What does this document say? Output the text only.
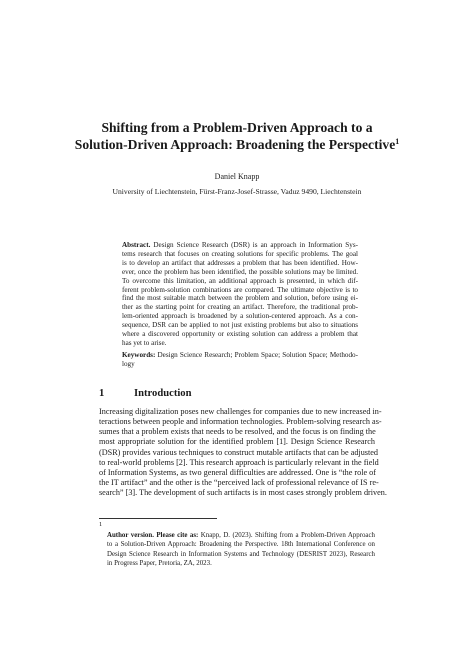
Shifting from a Problem-Driven Approach to a
Solution-Driven Approach: Broadening the Perspective$^1$
Daniel Knapp
University of Liechtenstein, Fürst-Franz-Josef-Strasse, Vaduz 9490, Liechtenstein
Abstract. Design Science Research (DSR) is an approach in Information Sys-
tems research that focuses on creating solutions for specific problems. The goal
is to develop an artifact that addresses a problem that has been identified. How-
ever, once the problem has been identified, the possible solutions may be limited.
To overcome this limitation, an additional approach is presented, in which dif-
ferent problem-solution combinations are compared. The ultimate objective is to
find the most suitable match between the problem and solution, before using ei-
ther as the starting point for creating an artifact. Therefore, the traditional prob-
lem-oriented approach is broadened by a solution-centered approach. As a con-
sequence, DSR can be applied to not just existing problems but also to situations
where a discovered opportunity or existing solution can address a problem that
has yet to arise.
Keywords: Design Science Research; Problem Space; Solution Space; Methodo-
logy
1	Introduction
Increasing digitalization poses new challenges for companies due to new increased in-
teractions between people and information technologies. Problem-solving research as-
sumes that a problem exists that needs to be resolved, and the focus is on finding the
most appropriate solution for the identified problem [1]. Design Science Research
(DSR) provides various techniques to construct mutable artifacts that can be adjusted
to real-world problems [2]. This research approach is particularly relevant in the field
of Information Systems, as two general difficulties are addressed. One is “the role of
the IT artifact” and the other is the “perceived lack of professional relevance of IS re-
search” [3]. The development of such artifacts is in most cases strongly problem driven.
1
Author version. Please cite as: Knapp, D. (2023). Shifting from a Problem-Driven Approach
to a Solution-Driven Approach: Broadening the Perspective. 18th International Conference on
Design Science Research in Information Systems and Technology (DESRIST 2023), Research
in Progress Paper, Pretoria, ZA, 2023.
